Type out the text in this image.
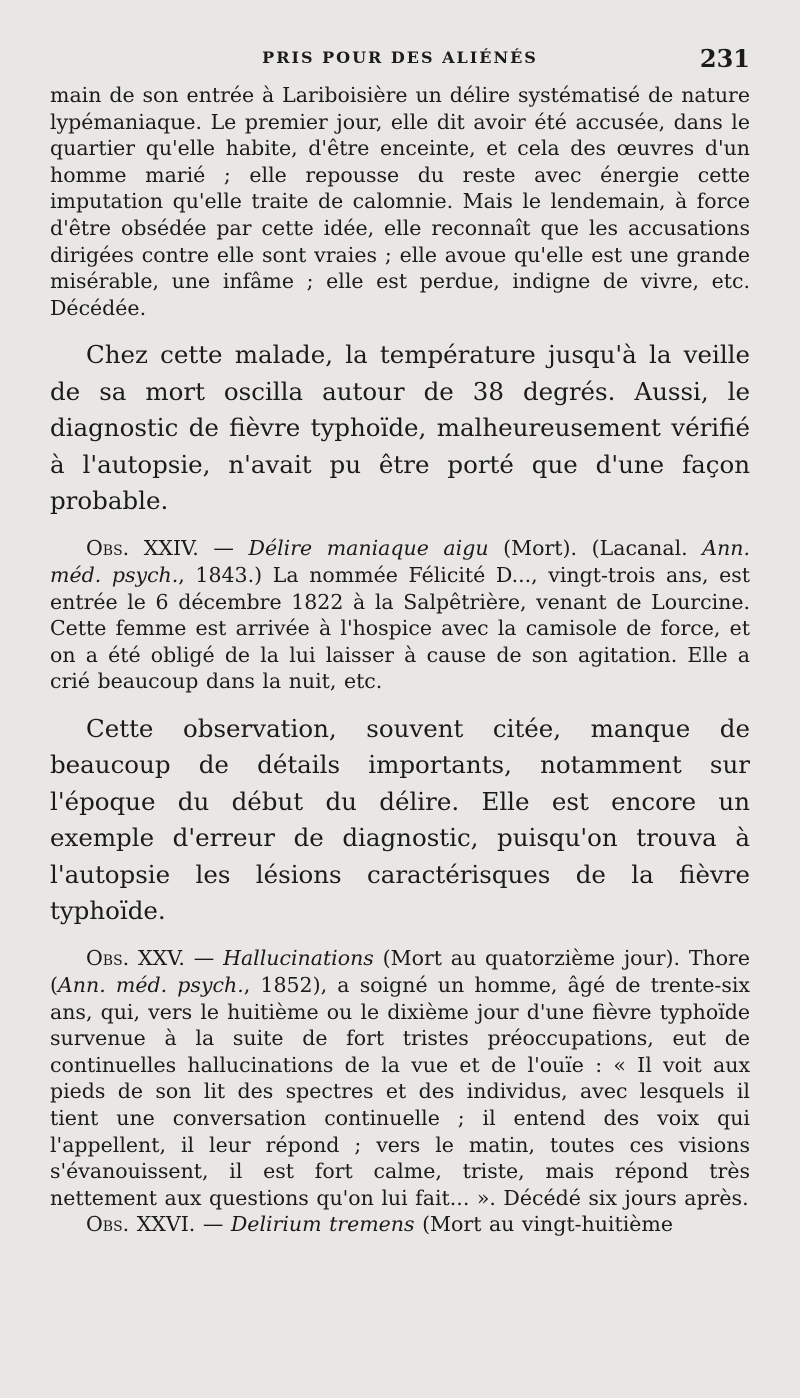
PRIS POUR DES ALIÉNÉS	231

main de son entrée à Lariboisière un délire systématisé de nature lypémaniaque. Le premier jour, elle dit avoir été accusée, dans le quartier qu'elle habite, d'être enceinte, et cela des œuvres d'un homme marié ; elle repousse du reste avec énergie cette imputation qu'elle traite de calomnie. Mais le lendemain, à force d'être obsédée par cette idée, elle reconnaît que les accusations dirigées contre elle sont vraies ; elle avoue qu'elle est une grande misérable, une infâme ; elle est perdue, indigne de vivre, etc. Décédée.

Chez cette malade, la température jusqu'à la veille de sa mort oscilla autour de 38 degrés. Aussi, le diagnostic de fièvre typhoïde, malheureusement vérifié à l'autopsie, n'avait pu être porté que d'une façon probable.

Obs. XXIV. — Délire maniaque aigu (Mort). (Lacanal. Ann. méd. psych., 1843.) La nommée Félicité D..., vingt-trois ans, est entrée le 6 décembre 1822 à la Salpêtrière, venant de Lourcine. Cette femme est arrivée à l'hospice avec la camisole de force, et on a été obligé de la lui laisser à cause de son agitation. Elle a crié beaucoup dans la nuit, etc.

Cette observation, souvent citée, manque de beaucoup de détails importants, notamment sur l'époque du début du délire. Elle est encore un exemple d'erreur de diagnostic, puisqu'on trouva à l'autopsie les lésions caractérisques de la fièvre typhoïde.

Obs. XXV. — Hallucinations (Mort au quatorzième jour). Thore (Ann. méd. psych., 1852), a soigné un homme, âgé de trente-six ans, qui, vers le huitième ou le dixième jour d'une fièvre typhoïde survenue à la suite de fort tristes préoccupations, eut de continuelles hallucinations de la vue et de l'ouïe : « Il voit aux pieds de son lit des spectres et des individus, avec lesquels il tient une conversation continuelle ; il entend des voix qui l'appellent, il leur répond ; vers le matin, toutes ces visions s'évanouissent, il est fort calme, triste, mais répond très nettement aux questions qu'on lui fait... ». Décédé six jours après.

Obs. XXVI. — Delirium tremens (Mort au vingt-huitième
